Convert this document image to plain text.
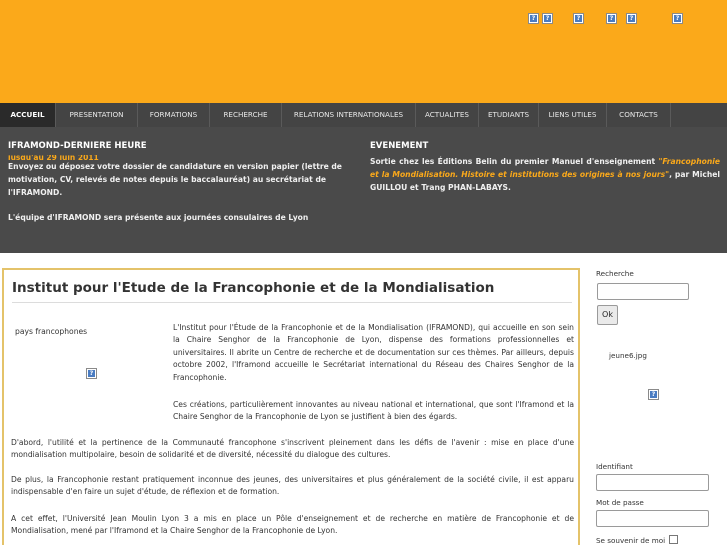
? ?	?	?	?	?
ACCUEIL	PRESENTATION	FORMATIONS	RECHERCHE	RELATIONS INTERNATIONALES	ACTUALITES	ETUDIANTS	LIENS UTILES	CONTACTS
IFRAMOND-DERNIERE HEURE
jusqu'au 29 juin 2011
Envoyez ou déposez votre dossier de candidature en version papier (lettre de motivation, CV, relevés de notes depuis le baccalauréat) au secrétariat de l'IFRAMOND.
L'équipe d'IFRAMOND sera présente aux journées consulaires de Lyon
EVENEMENT
Sortie chez les Éditions Belin du premier Manuel d'enseignement "Francophonie et la Mondialisation. Histoire et institutions des origines à nos jours", par Michel GUILLOU et Trang PHAN-LABAYS.
Institut pour l'Etude de la Francophonie et de la Mondialisation
pays francophones
?

L'Institut pour l'Étude de la Francophonie et de la Mondialisation (IFRAMOND), qui accueille en son sein la Chaire Senghor de la Francophonie de Lyon, dispense des formations professionnelles et universitaires. Il abrite un Centre de recherche et de documentation sur ces thèmes. Par ailleurs, depuis octobre 2002, l'Iframond accueille le Secrétariat international du Réseau des Chaires Senghor de la Francophonie.

Ces créations, particulièrement innovantes au niveau national et international, que sont l'Iframond et la Chaire Senghor de la Francophonie de Lyon se justifient à bien des égards.

D'abord, l'utilité et la pertinence de la Communauté francophone s'inscrivent pleinement dans les défis de l'avenir : mise en place d'une mondialisation multipolaire, besoin de solidarité et de diversité, nécessité du dialogue des cultures.

De plus, la Francophonie restant pratiquement inconnue des jeunes, des universitaires et plus généralement de la société civile, il est apparu indispensable d'en faire un sujet d'étude, de réflexion et de formation.

A cet effet, l'Université Jean Moulin Lyon 3 a mis en place un Pôle d'enseignement et de recherche en matière de Francophonie et de Mondialisation, mené par l'Iframond et la Chaire Senghor de la Francophonie de Lyon.

Recherche
Ok
jeune6.jpg
?
Identifiant
Mot de passe
Se souvenir de moi
